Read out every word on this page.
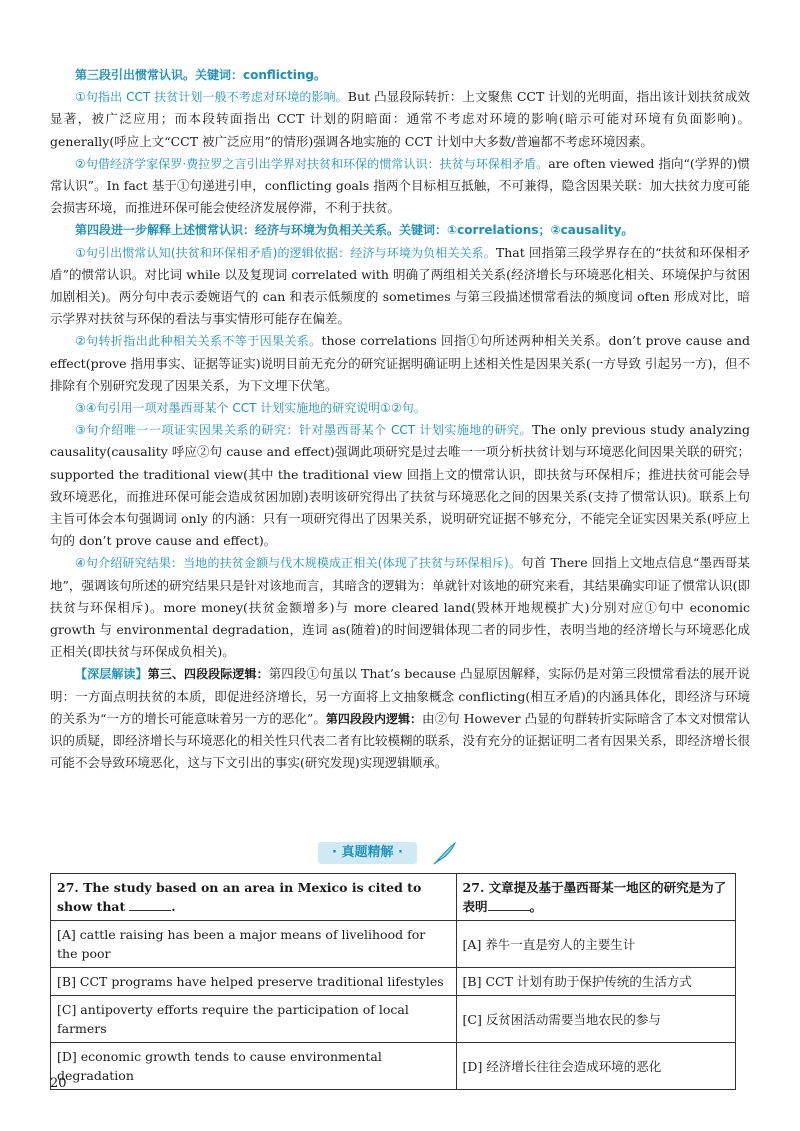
第三段引出惯常认识。关键词：conflicting。

①句指出 CCT 扶贫计划一般不考虑对环境的影响。But 凸显段际转折：上文聚焦 CCT 计划的光明面，指出该计划扶贫成效显著，被广泛应用；而本段转面指出 CCT 计划的阴暗面：通常不考虑对环境的影响(暗示可能对环境有负面影响)。generally(呼应上文“CCT 被广泛应用”的情形)强调各地实施的 CCT 计划中大多数/普遍都不考虑环境因素。

②句借经济学家保罗·费拉罗之言引出学界对扶贫和环保的惯常认识：扶贫与环保相矛盾。are often viewed 指向“(学界的)惯常认识”。In fact 基于①句递进引申，conflicting goals 指两个目标相互抵触，不可兼得，隐含因果关联：加大扶贫力度可能会损害环境，而推进环保可能会使经济发展停滞，不利于扶贫。

第四段进一步解释上述惯常认识：经济与环境为负相关关系。关键词：①correlations；②causality。

①句引出惯常认知(扶贫和环保相矛盾)的逻辑依据：经济与环境为负相关关系。That 回指第三段学界存在的“扶贫和环保相矛盾”的惯常认识。对比词 while 以及复现词 correlated with 明确了两组相关关系(经济增长与环境恶化相关、环境保护与贫困加剧相关)。两分句中表示委婉语气的 can 和表示低频度的 sometimes 与第三段描述惯常看法的频度词 often 形成对比，暗示学界对扶贫与环保的看法与事实情形可能存在偏差。

②句转折指出此种相关关系不等于因果关系。those correlations 回指①句所述两种相关关系。don’t prove cause and effect(prove 指用事实、证据等证实)说明目前无充分的研究证据明确证明上述相关性是因果关系(一方导致 引起另一方)，但不排除有个别研究发现了因果关系，为下文埋下伏笔。

③④句引用一项对墨西哥某个 CCT 计划实施地的研究说明①②句。

③句介绍唯一一项证实因果关系的研究：针对墨西哥某个 CCT 计划实施地的研究。The only previous study analyzing causality(causality 呼应②句 cause and effect)强调此项研究是过去唯一一项分析扶贫计划与环境恶化间因果关联的研究；supported the traditional view(其中 the traditional view 回指上文的惯常认识，即扶贫与环保相斥；推进扶贫可能会导致环境恶化，而推进环保可能会造成贫困加剧)表明该研究得出了扶贫与环境恶化之间的因果关系(支持了惯常认识)。联系上句主旨可体会本句强调词 only 的内涵：只有一项研究得出了因果关系，说明研究证据不够充分，不能完全证实因果关系(呼应上句的 don’t prove cause and effect)。

④句介绍研究结果：当地的扶贫金额与伐木规模成正相关(体现了扶贫与环保相斥)。句首 There 回指上文地点信息“墨西哥某地”，强调该句所述的研究结果只是针对该地而言，其暗含的逻辑为：单就针对该地的研究来看，其结果确实印证了惯常认识(即扶贫与环保相斥)。more money(扶贫金额增多)与 more cleared land(毁林开地规模扩大)分别对应①句中 economic growth 与 environmental degradation，连词 as(随着)的时间逻辑体现二者的同步性，表明当地的经济增长与环境恶化成正相关(即扶贫与环保成负相关)。

【深层解读】第三、四段段际逻辑：第四段①句虽以 That’s because 凸显原因解释，实际仍是对第三段惯常看法的展开说明：一方面点明扶贫的本质，即促进经济增长，另一方面将上文抽象概念 conflicting(相互矛盾)的内涵具体化，即经济与环境的关系为“一方的增长可能意味着另一方的恶化”。第四段段内逻辑：由②句 However 凸显的句群转折实际暗含了本文对惯常认识的质疑，即经济增长与环境恶化的相关性只代表二者有比较模糊的联系，没有充分的证据证明二者有因果关系，即经济增长很可能不会导致环境恶化，这与下文引出的事实(研究发现)实现逻辑顺承。

· 真题精解 ·
27. The study based on an area in Mexico is cited to show that .	27. 文章提及基于墨西哥某一地区的研究是为了表明 。
[A] cattle raising has been a major means of livelihood for the poor	[A] 养牛一直是穷人的主要生计
[B] CCT programs have helped preserve traditional lifestyles	[B] CCT 计划有助于保护传统的生活方式
[C] antipoverty efforts require the participation of local farmers	[C] 反贫困活动需要当地农民的参与
[D] economic growth tends to cause environmental degradation	[D] 经济增长往往会造成环境的恶化
20
